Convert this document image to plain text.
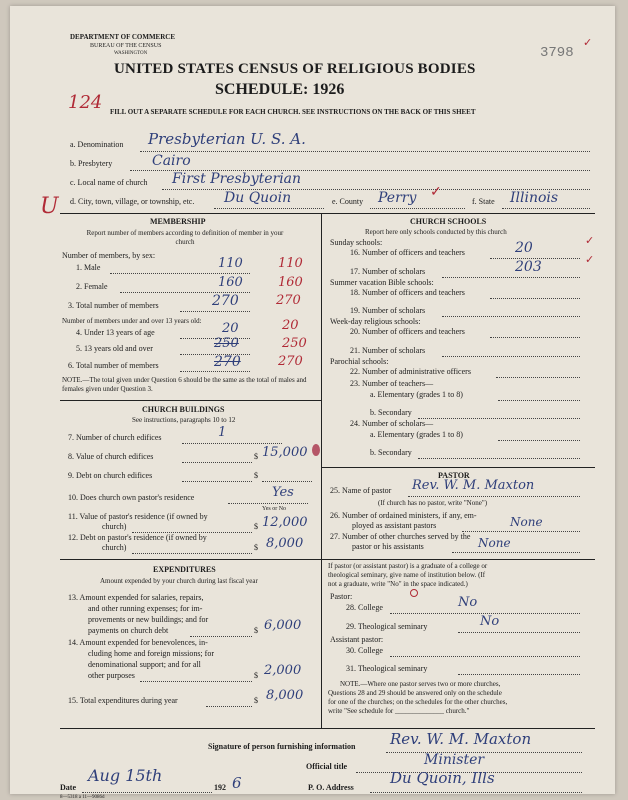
DEPARTMENT OF COMMERCE
BUREAU OF THE CENSUS
WASHINGTON	3798
✓
UNITED STATES CENSUS OF RELIGIOUS BODIES
SCHEDULE: 1926
124 FILL OUT A SEPARATE SCHEDULE FOR EACH CHURCH. SEE INSTRUCTIONS ON THE BACK OF THIS SHEET
a. Denomination Presbyterian U. S. A.
b. Presbytery	Cairo
c. Local name of church First Presbyterian
U d. City, town, village, or township, etc. Du Quoin	e. County Perry ✓
f. State Illinois
MEMBERSHIP
Report number of members according to definition of member in your church
Number of members, by sex:
1. Male	110	110
2. Female	160	160
3. Total number of members	270	270
Number of members under and over 13 years old:
4. Under 13 years of age	20	20
5. 13 years old and over	250	250
6. Total number of members	270	270
NOTE.—The total given under Question 6 should be the same as the total of males and females given under Question 3.
CHURCH BUILDINGS
See instructions, paragraphs 10 to 12
7. Number of church edifices	1
8. Value of church edifices	$ 15,000
9. Debt on church edifices	$
10. Does church own pastor's residence	Yes
Yes or No
11. Value of pastor's residence (if owned by
church)	$ 12,000
12. Debt on pastor's residence (if owned by
church)	$ 8,000
EXPENDITURES
Amount expended by your church during last fiscal year
13. Amount expended for salaries, repairs,
and other running expenses; for im-
provements or new buildings; and for
payments on church debt	$ 6,000
14. Amount expended for benevolences, in-
cluding home and foreign missions; for
denominational support; and for all
other purposes	$ 2,000
15. Total expenditures during year	$ 8,000
CHURCH SCHOOLS
Report here only schools conducted by this church
Sunday schools:
16. Number of officers and teachers	20	✓
17. Number of scholars	203	✓
Summer vacation Bible schools:
18. Number of officers and teachers
19. Number of scholars
Week-day religious schools:
20. Number of officers and teachers
21. Number of scholars
Parochial schools:
22. Number of administrative officers
23. Number of teachers—
a. Elementary (grades 1 to 8)
b. Secondary
24. Number of scholars—
a. Elementary (grades 1 to 8)
b. Secondary
PASTOR
25. Name of pastor Rev. W. M. Maxton
(If church has no pastor, write "None")
26. Number of ordained ministers, if any, em-
ployed as assistant pastors	None
27. Number of other churches served by the
pastor or his assistants	None
If pastor (or assistant pastor) is a graduate of a college or
theological seminary, give name of institution below. (If
not a graduate, write "No" in the space indicated.)
Pastor:
28. College	No
29. Theological seminary	No
Assistant pastor:
30. College
31. Theological seminary
NOTE.—Where one pastor serves two or more churches,
Questions 28 and 29 should be answered only on the schedule
for one of the churches; on the schedules for the other churches,
write "See schedule for ______________ church."
Signature of person furnishing information Rev. W. M. Maxton
Official title	Minister
Date
Aug 15th
192 6	P. O. Address
Du Quoin, Ills
8—5318 a 11—9086d
